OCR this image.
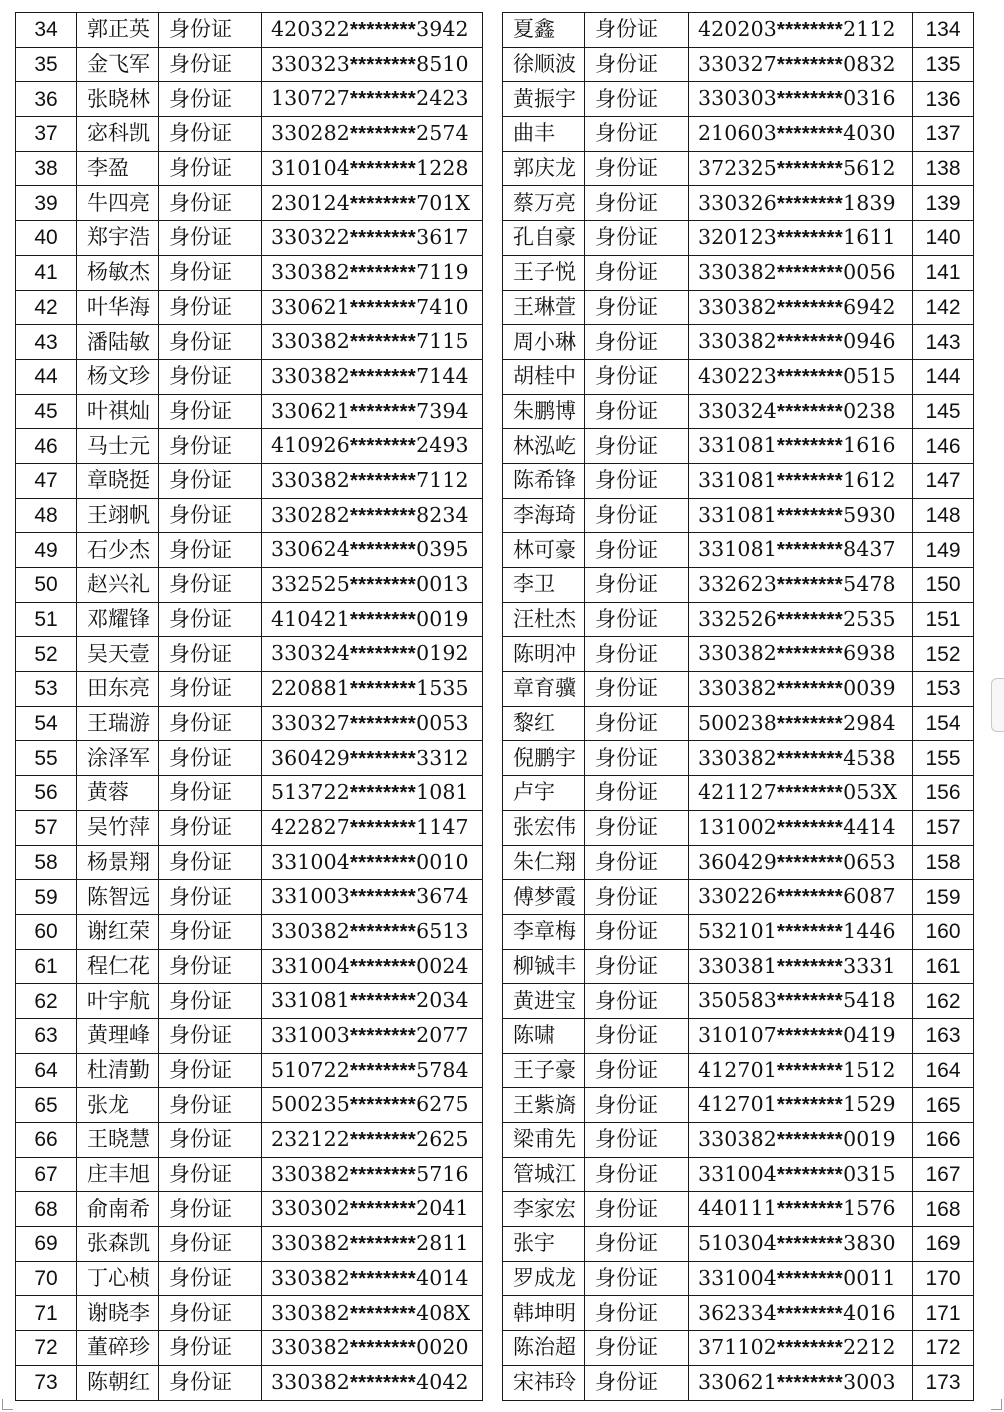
34	郭正英	身份证	420322********3942		夏鑫	身份证	420203********2112	134
35	金飞军	身份证	330323********8510		徐顺波	身份证	330327********0832	135
36	张晓林	身份证	130727********2423		黄振宇	身份证	330303********0316	136
37	宓科凯	身份证	330282********2574		曲丰	身份证	210603********4030	137
38	李盈	身份证	310104********1228		郭庆龙	身份证	372325********5612	138
39	牛四亮	身份证	230124********701X		蔡万亮	身份证	330326********1839	139
40	郑宇浩	身份证	330322********3617		孔自豪	身份证	320123********1611	140
41	杨敏杰	身份证	330382********7119		王子悦	身份证	330382********0056	141
42	叶华海	身份证	330621********7410		王琳萱	身份证	330382********6942	142
43	潘陆敏	身份证	330382********7115		周小琳	身份证	330382********0946	143
44	杨文珍	身份证	330382********7144		胡桂中	身份证	430223********0515	144
45	叶祺灿	身份证	330621********7394		朱鹏博	身份证	330324********0238	145
46	马士元	身份证	410926********2493		林泓屹	身份证	331081********1616	146
47	章晓挺	身份证	330382********7112		陈希锋	身份证	331081********1612	147
48	王翊帆	身份证	330282********8234		李海琦	身份证	331081********5930	148
49	石少杰	身份证	330624********0395		林可豪	身份证	331081********8437	149
50	赵兴礼	身份证	332525********0013		李卫	身份证	332623********5478	150
51	邓耀锋	身份证	410421********0019		汪杜杰	身份证	332526********2535	151
52	吴天壹	身份证	330324********0192		陈明冲	身份证	330382********6938	152
53	田东亮	身份证	220881********1535		章育骥	身份证	330382********0039	153
54	王瑞游	身份证	330327********0053		黎红	身份证	500238********2984	154
55	涂泽军	身份证	360429********3312		倪鹏宇	身份证	330382********4538	155
56	黄蓉	身份证	513722********1081		卢宇	身份证	421127********053X	156
57	吴竹萍	身份证	422827********1147		张宏伟	身份证	131002********4414	157
58	杨景翔	身份证	331004********0010		朱仁翔	身份证	360429********0653	158
59	陈智远	身份证	331003********3674		傅梦霞	身份证	330226********6087	159
60	谢红荣	身份证	330382********6513		李章梅	身份证	532101********1446	160
61	程仁花	身份证	331004********0024		柳铖丰	身份证	330381********3331	161
62	叶宇航	身份证	331081********2034		黄进宝	身份证	350583********5418	162
63	黄理峰	身份证	331003********2077		陈啸	身份证	310107********0419	163
64	杜清勤	身份证	510722********5784		王子豪	身份证	412701********1512	164
65	张龙	身份证	500235********6275		王紫旖	身份证	412701********1529	165
66	王晓慧	身份证	232122********2625		梁甫先	身份证	330382********0019	166
67	庄丰旭	身份证	330382********5716		管城江	身份证	331004********0315	167
68	俞南希	身份证	330302********2041		李家宏	身份证	440111********1576	168
69	张森凯	身份证	330382********2811		张宇	身份证	510304********3830	169
70	丁心桢	身份证	330382********4014		罗成龙	身份证	331004********0011	170
71	谢晓李	身份证	330382********408X		韩坤明	身份证	362334********4016	171
72	董碎珍	身份证	330382********0020		陈治超	身份证	371102********2212	172
73	陈朝红	身份证	330382********4042		宋祎玲	身份证	330621********3003	173
